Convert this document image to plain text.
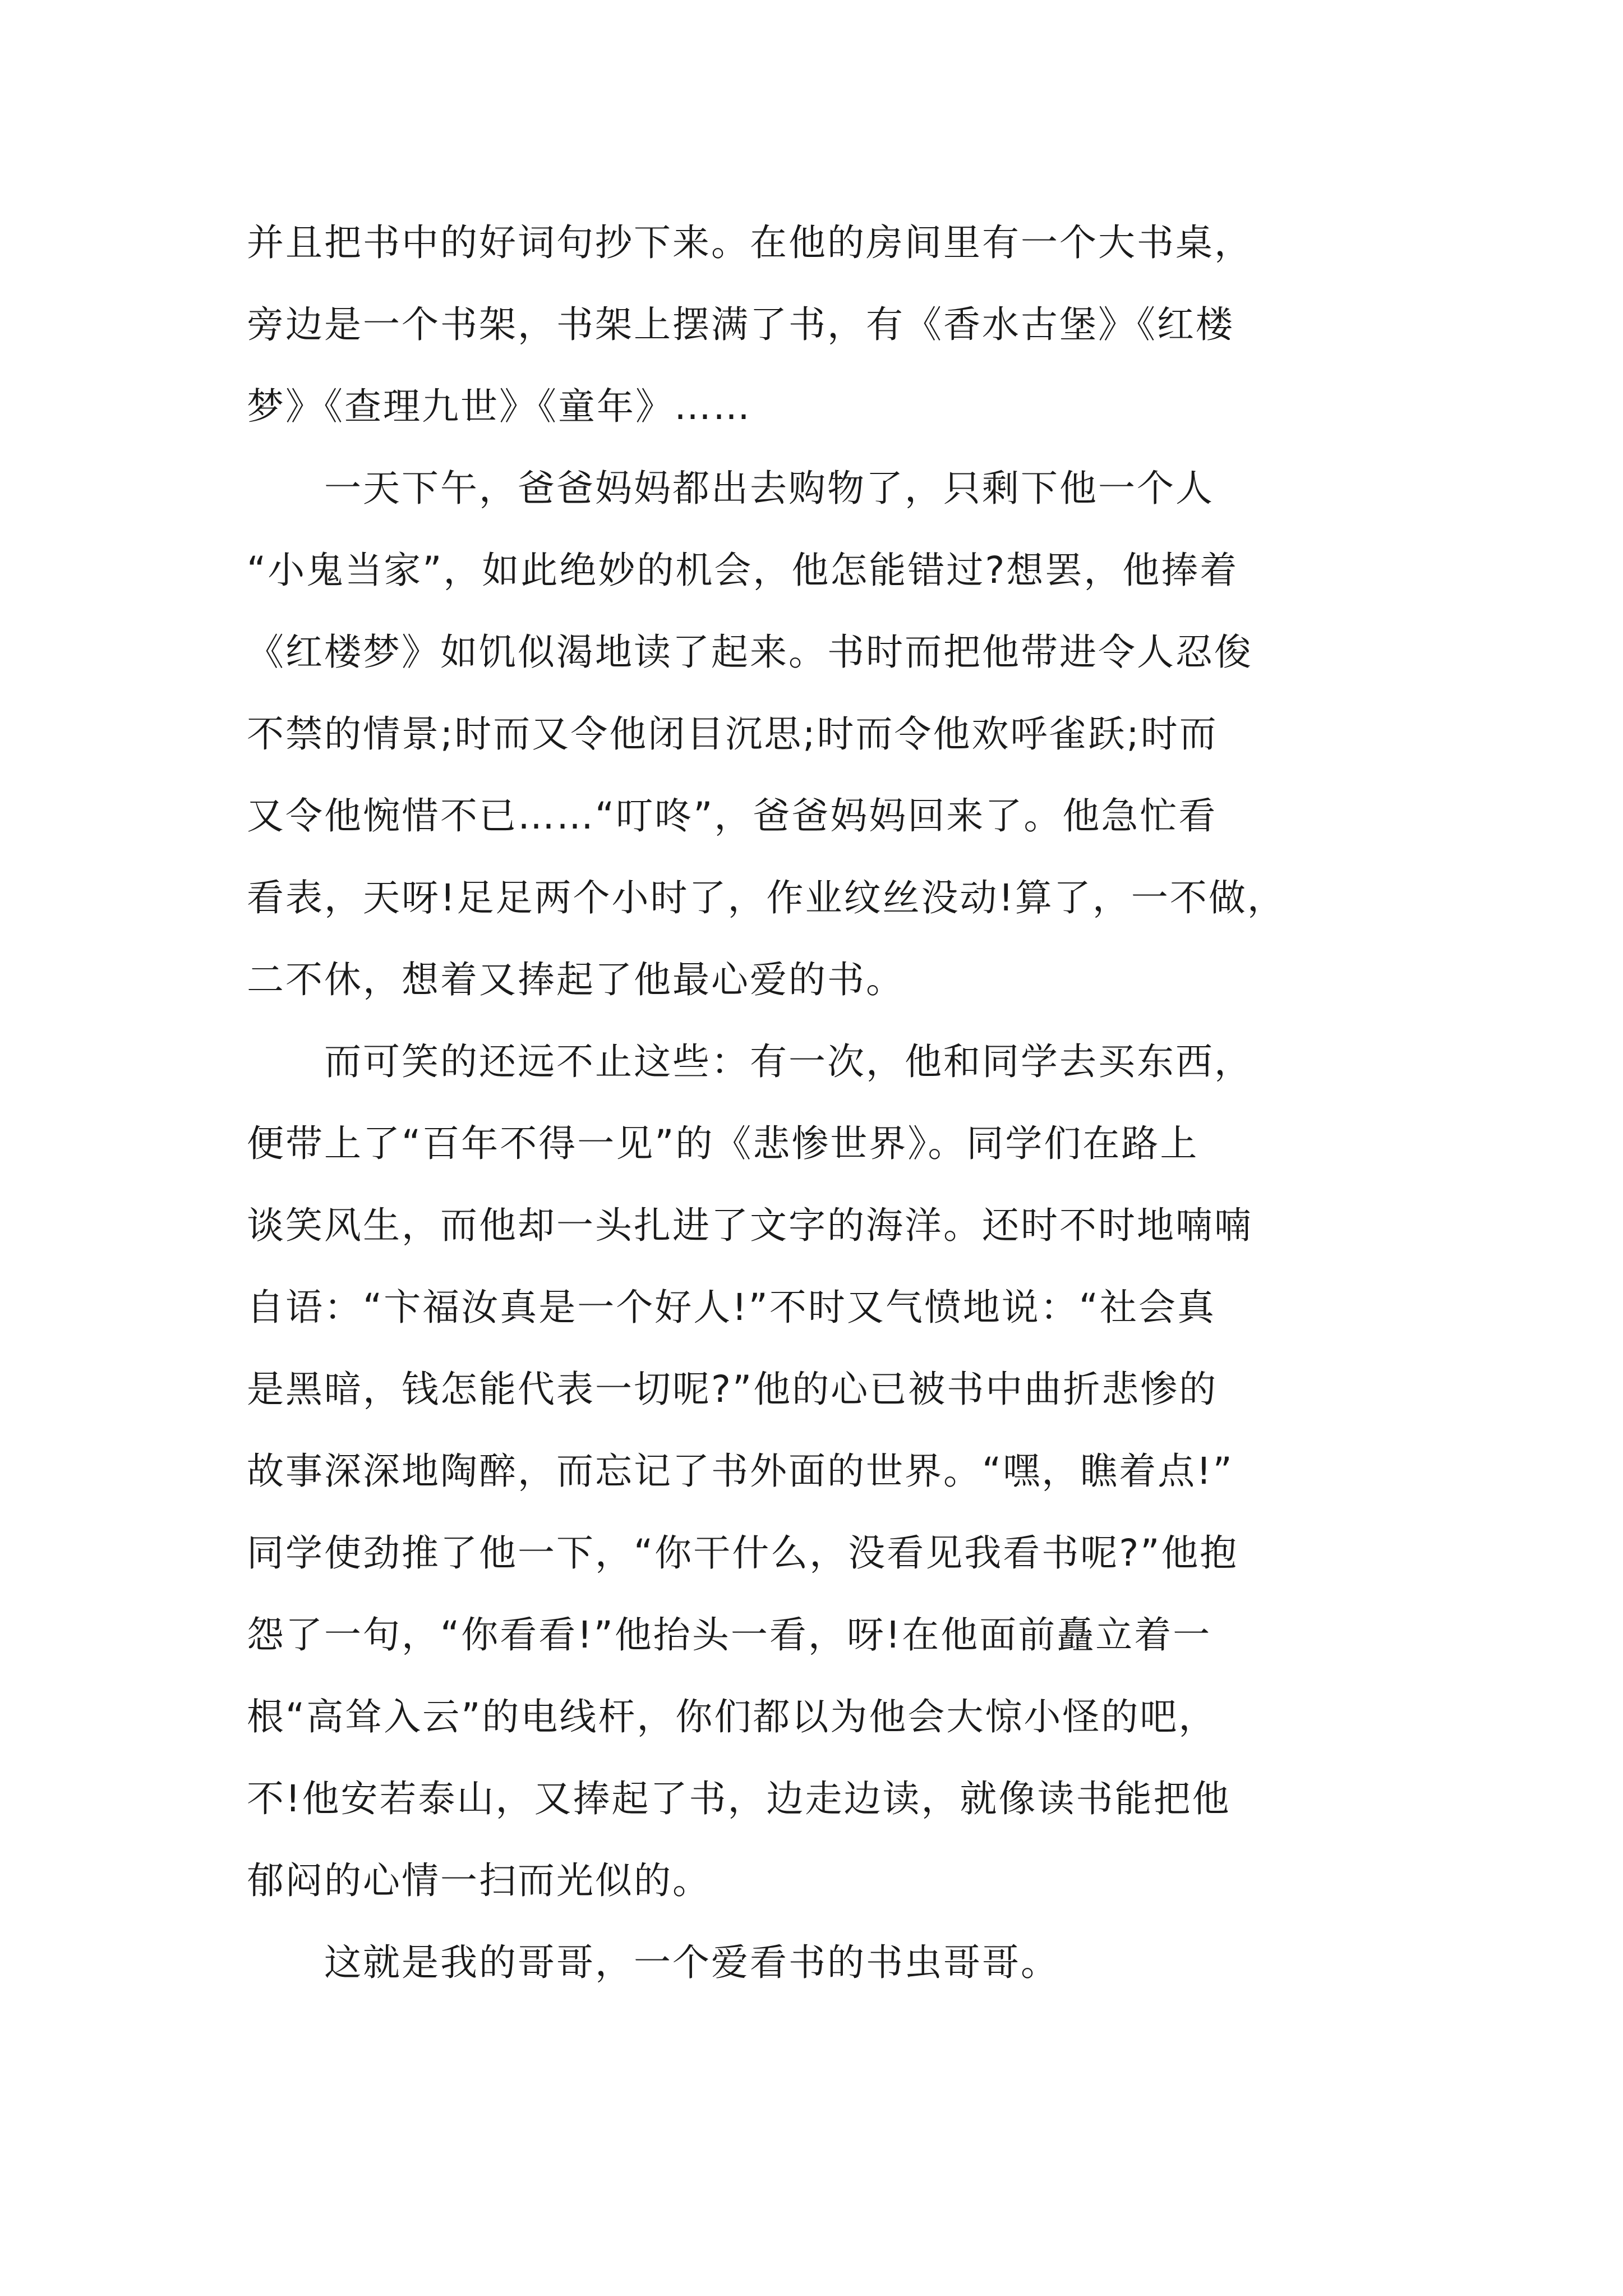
并且把书中的好词句抄下来。在他的房间里有一个大书桌，
旁边是一个书架，书架上摆满了书，有《香水古堡》《红楼
梦》《查理九世》《童年》……

　　一天下午，爸爸妈妈都出去购物了，只剩下他一个人
“小鬼当家”，如此绝妙的机会，他怎能错过?想罢，他捧着
《红楼梦》如饥似渴地读了起来。书时而把他带进令人忍俊
不禁的情景;时而又令他闭目沉思;时而令他欢呼雀跃;时而
又令他惋惜不已……“叮咚”，爸爸妈妈回来了。他急忙看
看表，天呀!足足两个小时了，作业纹丝没动!算了，一不做，
二不休，想着又捧起了他最心爱的书。

　　而可笑的还远不止这些：有一次，他和同学去买东西，
便带上了“百年不得一见”的《悲惨世界》。同学们在路上
谈笑风生，而他却一头扎进了文字的海洋。还时不时地喃喃
自语：“卞福汝真是一个好人!”不时又气愤地说：“社会真
是黑暗，钱怎能代表一切呢?”他的心已被书中曲折悲惨的
故事深深地陶醉，而忘记了书外面的世界。“嘿，瞧着点!”
同学使劲推了他一下，“你干什么，没看见我看书呢?”他抱
怨了一句，“你看看!”他抬头一看，呀!在他面前矗立着一
根“高耸入云”的电线杆，你们都以为他会大惊小怪的吧，
不!他安若泰山，又捧起了书，边走边读，就像读书能把他
郁闷的心情一扫而光似的。

　　这就是我的哥哥，一个爱看书的书虫哥哥。
